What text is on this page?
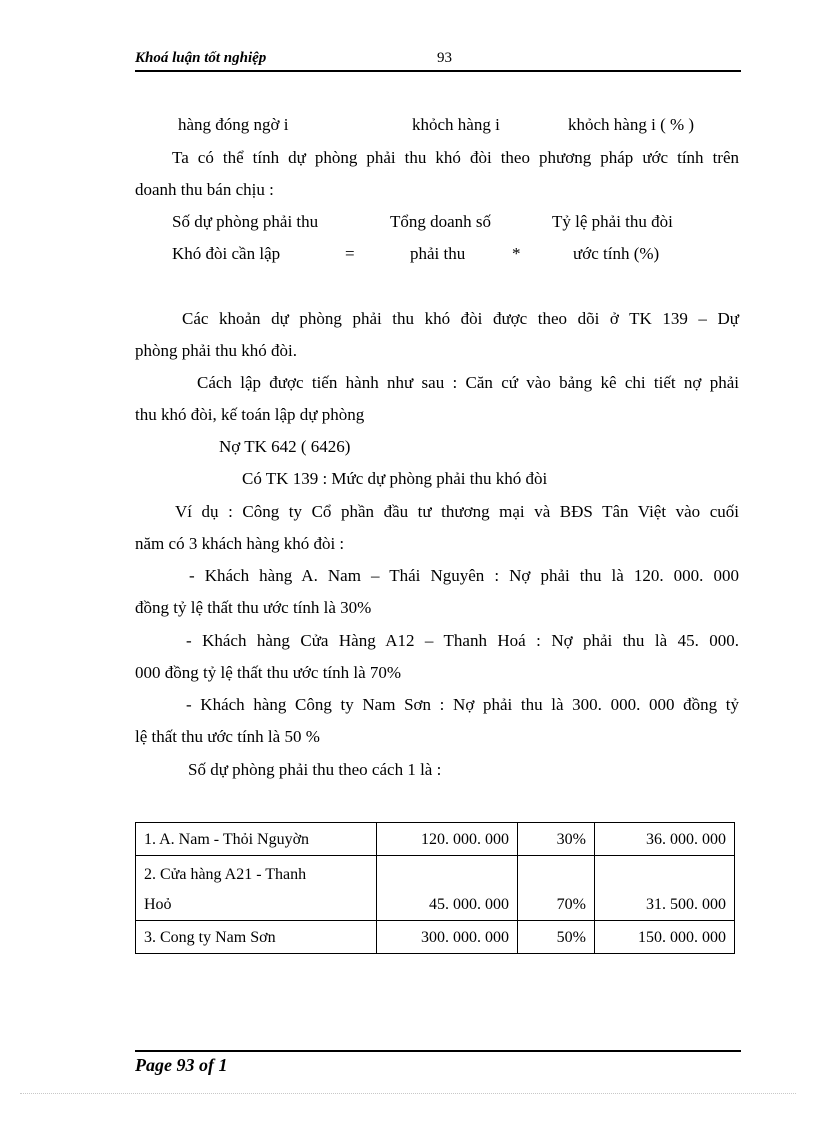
Khoá luận tốt nghiệp	93
hàng đóng ngờ i	khỏch hàng i	khỏch hàng i ( % )
Ta có thể tính dự phòng phải thu khó đòi theo phương pháp ước tính trên
doanh thu bán chịu :
Số dự phòng phải thu	Tổng doanh số	Tỷ lệ phải thu đòi
Khó đòi cần lập	=	phải thu	*	ước tính (%)
Các khoản dự phòng phải thu khó đòi được theo dõi ở TK 139 – Dự
phòng phải thu khó đòi.
Cách lập được tiến hành như sau : Căn cứ vào bảng kê chi tiết nợ phải
thu khó đòi, kế toán lập dự phòng
Nợ TK 642 ( 6426)
Có TK 139 : Mức dự phòng phải thu khó đòi
Ví dụ : Công ty Cổ phần đầu tư thương mại và BĐS Tân Việt vào cuối
năm có 3 khách hàng khó đòi :
- Khách hàng A. Nam – Thái Nguyên : Nợ phải thu là 120. 000. 000
đồng tỷ lệ thất thu ước tính là 30%
- Khách hàng Cửa Hàng A12 – Thanh Hoá : Nợ phải thu là 45. 000.
000 đồng tỷ lệ thất thu ước tính là 70%
- Khách hàng Công ty Nam Sơn : Nợ phải thu là 300. 000. 000 đồng tỷ
lệ thất thu ước tính là 50 %
Số dự phòng phải thu theo cách 1 là :
1. A. Nam - Thỏi Nguyờn	120. 000. 000	30%	36. 000. 000
2. Cửa hàng A21 - Thanh
Hoỏ	45. 000. 000	70%	31. 500. 000
3. Cong ty Nam Sơn	300. 000. 000	50%	150. 000. 000
Page 93 of 1
